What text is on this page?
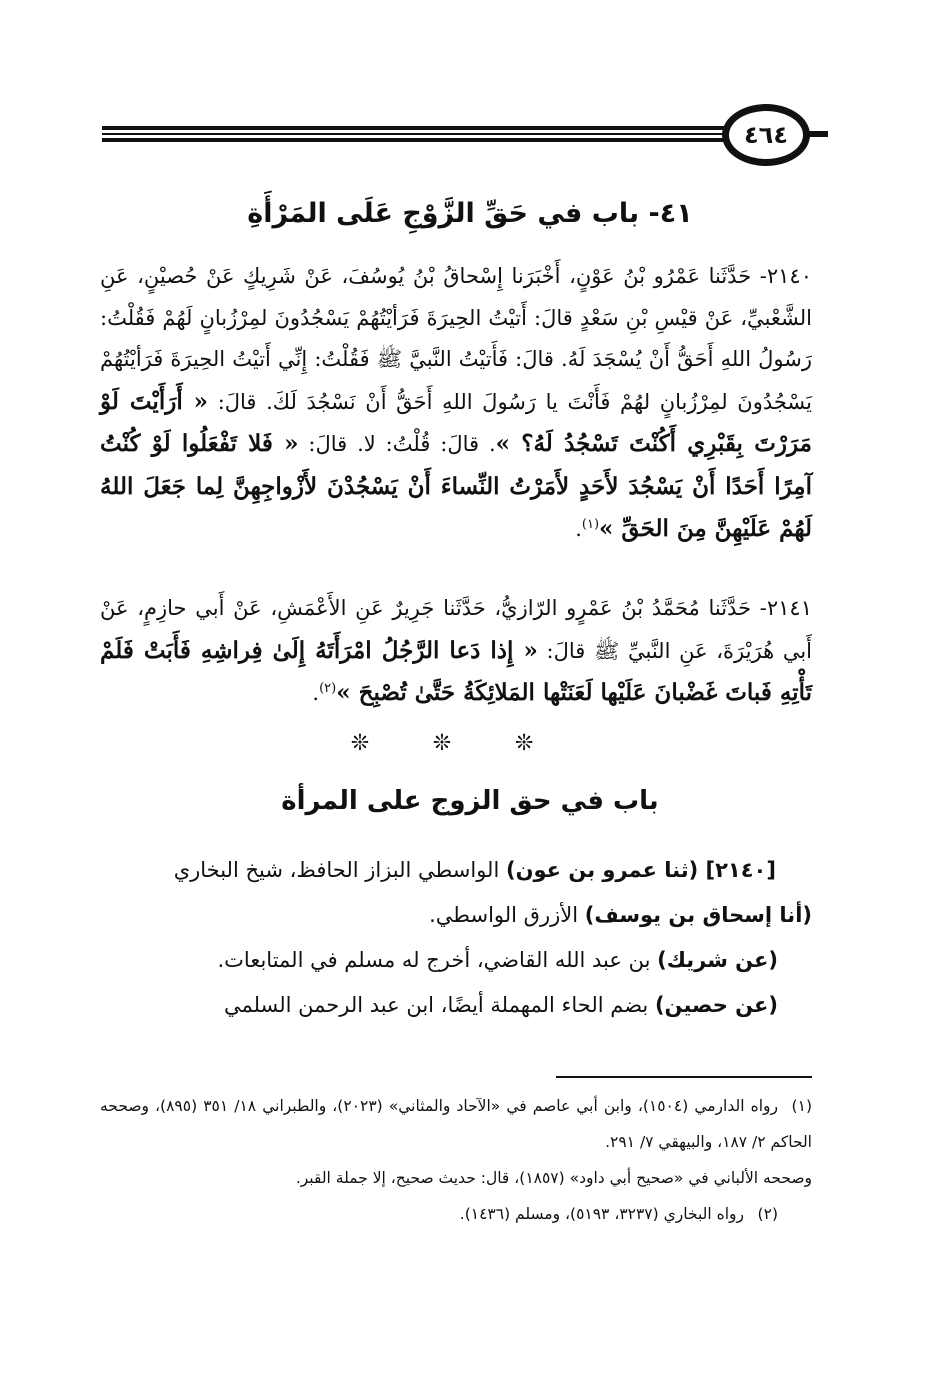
٤٦٤
٤١- باب في حَقِّ الزَّوْجِ عَلَى المَرْأَةِ
٢١٤٠- حَدَّثَنا عَمْرُو بْنُ عَوْنٍ، أَخْبَرَنا إِسْحاقُ بْنُ يُوسُفَ، عَنْ شَرِيكٍ عَنْ حُصيْنٍ، عَنِ الشَّعْبيِّ، عَنْ قيْسِ بْنِ سَعْدٍ قالَ: أَتيْتُ الحِيرَةَ فَرَأيْتُهُمْ يَسْجُدُونَ لمِرْزُبانٍ لَهُمْ فَقُلْتُ: رَسُولُ اللهِ أَحَقُّ أَنْ يُسْجَدَ لَهُ. قالَ: فَأَتيْتُ النَّبيَّ ﷺ فَقُلْتُ: إِنِّي أَتيْتُ الحِيرَةَ فَرَأيْتُهُمْ يَسْجُدُونَ لمِرْزُبانٍ لهُمْ فَأَنْتَ يا رَسُولَ اللهِ أَحَقُّ أَنْ نَسْجُدَ لَكَ. قالَ: « أَرَأَيْتَ لَوْ مَرَرْتَ بِقَبْرِي أَكُنْتَ تَسْجُدُ لَهُ؟ ». قالَ: قُلْتُ: لا. قالَ: « فَلا تَفْعَلُوا لَوْ كُنْتُ آمِرًا أَحَدًا أَنْ يَسْجُدَ لأَحَدٍ لأَمَرْتُ النِّساءَ أَنْ يَسْجُدْنَ لأَزْواجِهِنَّ لِما جَعَلَ اللهُ لَهُمْ عَلَيْهِنَّ مِنَ الحَقِّ »$^{(١)}$.
٢١٤١- حَدَّثَنا مُحَمَّدُ بْنُ عَمْرٍو الرّازيُّ، حَدَّثَنا جَرِيرٌ عَنِ الأَعْمَشِ، عَنْ أَبي حازِمٍ، عَنْ أَبي هُرَيْرَةَ، عَنِ النَّبيِّ ﷺ قالَ: « إِذا دَعا الرَّجُلُ امْرَأَتَهُ إِلَىٰ فِراشِهِ فَأَبَتْ فَلَمْ تَأْتِهِ فَباتَ غَضْبانَ عَلَيْها لَعَنَتْها المَلائِكَةُ حَتَّىٰ تُصْبِحَ »$^{(٢)}$.
❊ ❊ ❊
باب في حق الزوج على المرأة

[٢١٤٠] (ثنا عمرو بن عون) الواسطي البزاز الحافظ، شيخ البخاري

(أنا إسحاق بن يوسف) الأزرق الواسطي.

(عن شريك) بن عبد الله القاضي، أخرج له مسلم في المتابعات.

(عن حصين) بضم الحاء المهملة أيضًا، ابن عبد الرحمن السلمي

(١)رواه الدارمي (١٥٠٤)، وابن أبي عاصم في «الآحاد والمثاني» (٢٠٢٣)، والطبراني ١٨/ ٣٥١ (٨٩٥)، وصححه الحاكم ٢/ ١٨٧، والبيهقي ٧/ ٢٩١.

وصححه الألباني في «صحيح أبي داود» (١٨٥٧)، قال: حديث صحيح، إلا جملة القبر.

(٢)رواه البخاري (٣٢٣٧، ٥١٩٣)، ومسلم (١٤٣٦).
